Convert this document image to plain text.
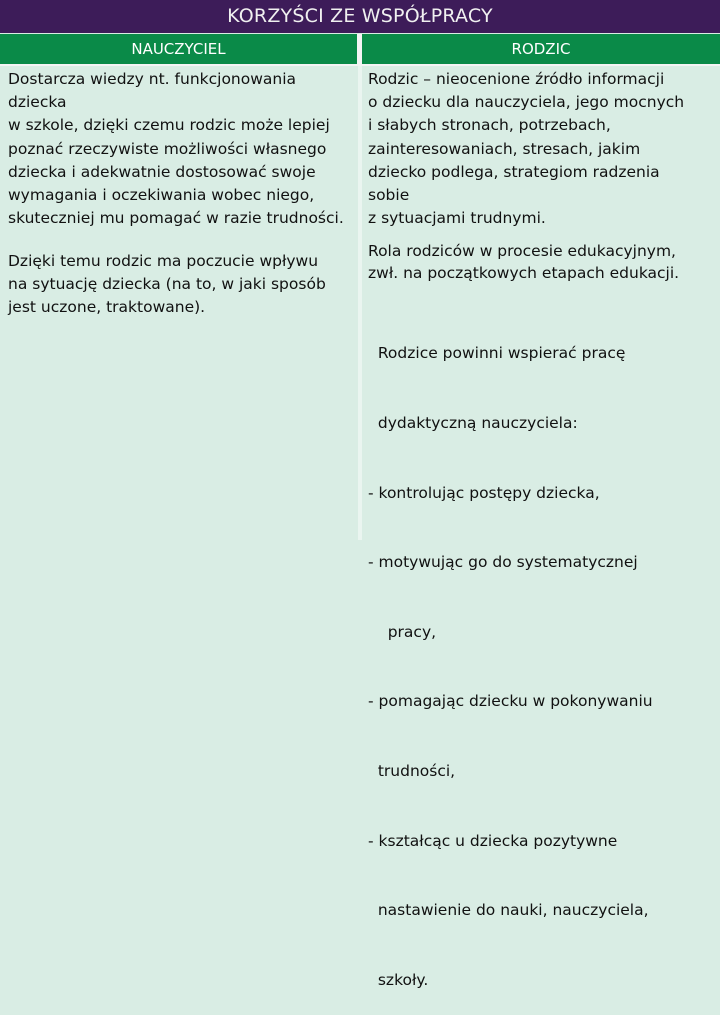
KORZYŚCI ZE WSPÓŁPRACY
NAUCZYCIEL	RODZIC
Dostarcza wiedzy nt. funkcjonowania
dziecka
w szkole, dzięki czemu rodzic może lepiej
poznać rzeczywiste możliwości własnego
dziecka i adekwatnie dostosować swoje
wymagania i oczekiwania wobec niego,
skuteczniej mu pomagać w razie trudności.
Dzięki temu rodzic ma poczucie wpływu
na sytuację dziecka (na to, w jaki sposób
jest uczone, traktowane).
Rodzic – nieocenione źródło informacji
o dziecku dla nauczyciela, jego mocnych
i słabych stronach, potrzebach,
zainteresowaniach, stresach, jakim
dziecko podlega, strategiom radzenia
sobie
z sytuacjami trudnymi.
Rola rodziców w procesie edukacyjnym,
zwł. na początkowych etapach edukacji.

Rodzice powinni wspierać pracę

dydaktyczną nauczyciela:

- kontrolując postępy dziecka,

- motywując go do systematycznej

pracy,

- pomagając dziecku w pokonywaniu

trudności,

- kształcąc u dziecka pozytywne

nastawienie do nauki, nauczyciela,

szkoły.
